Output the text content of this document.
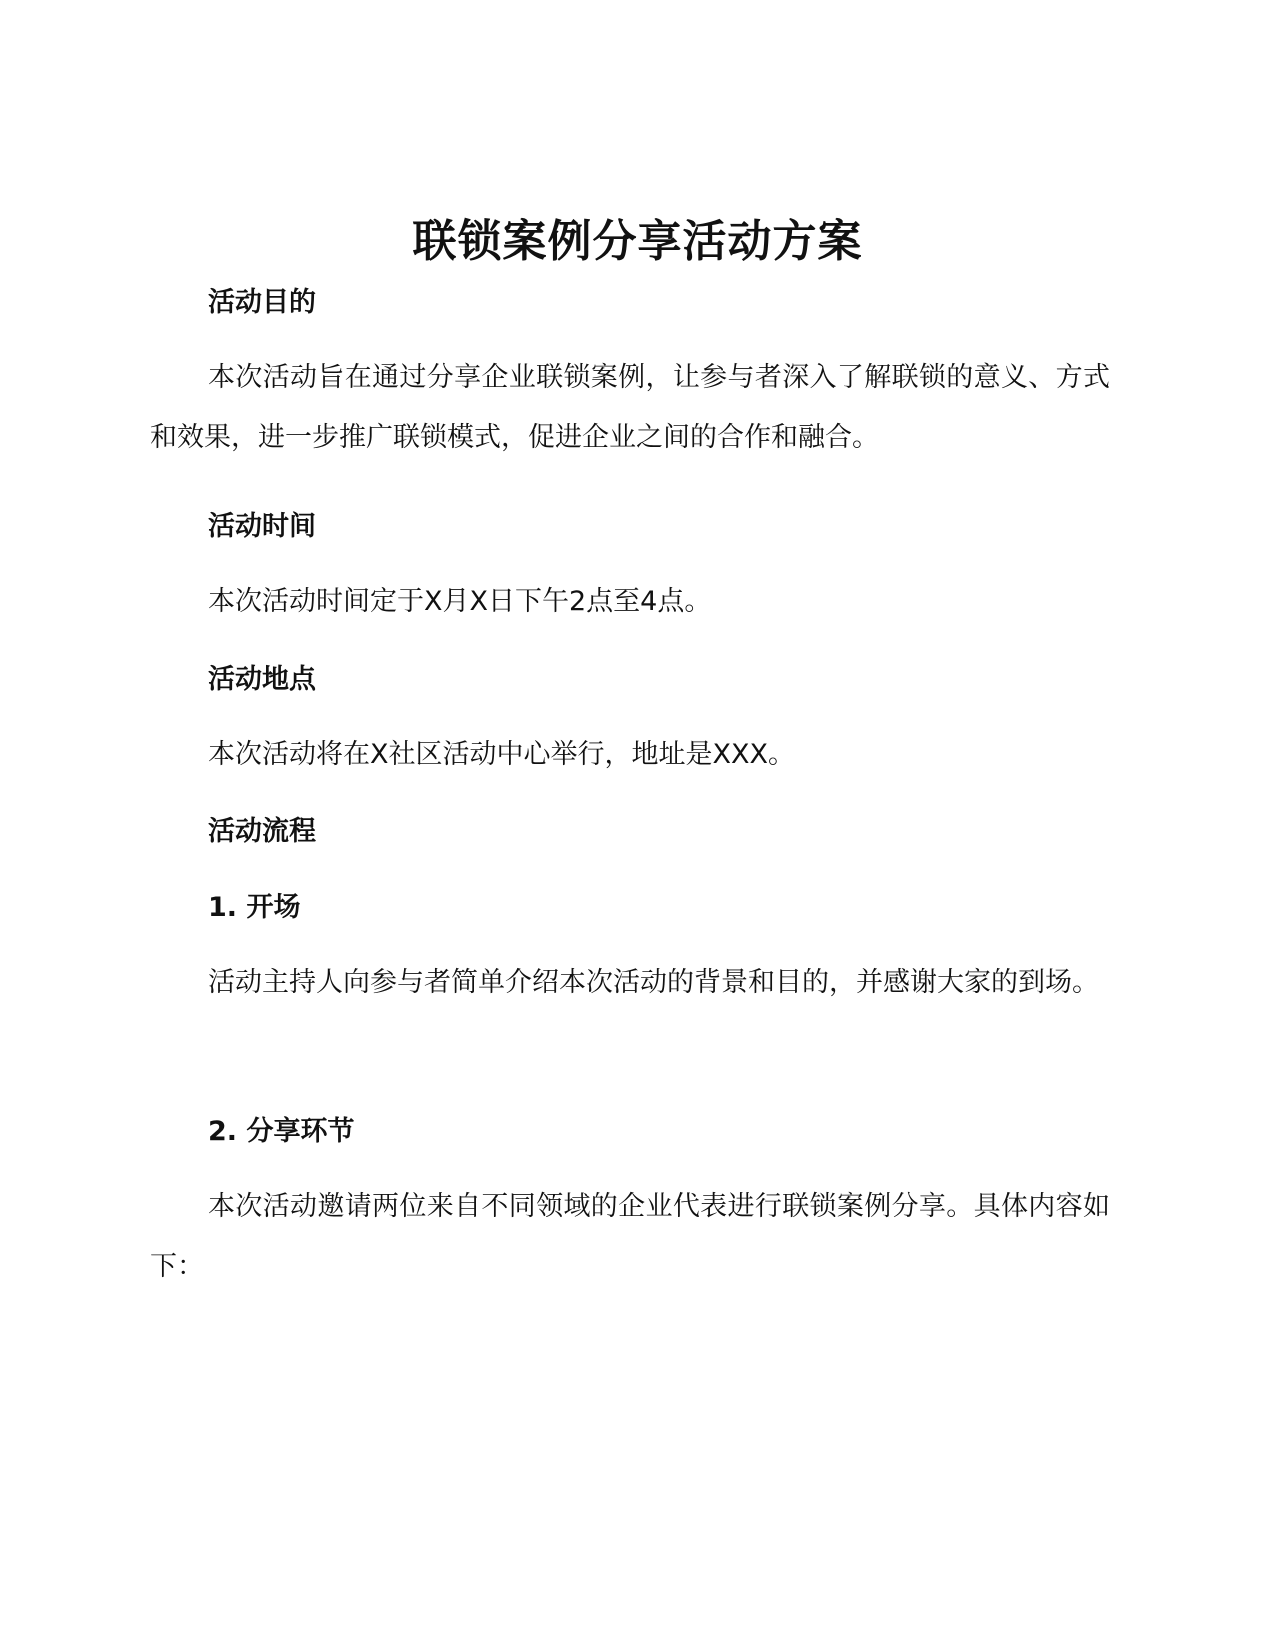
联锁案例分享活动方案
活动目的
本次活动旨在通过分享企业联锁案例，让参与者深入了解联锁的意义、方式和效果，进一步推广联锁模式，促进企业之间的合作和融合。
活动时间
本次活动时间定于X月X日下午2点至4点。
活动地点
本次活动将在X社区活动中心举行，地址是XXX。
活动流程
1. 开场
活动主持人向参与者简单介绍本次活动的背景和目的，并感谢大家的到场。
2. 分享环节
本次活动邀请两位来自不同领域的企业代表进行联锁案例分享。具体内容如下：
